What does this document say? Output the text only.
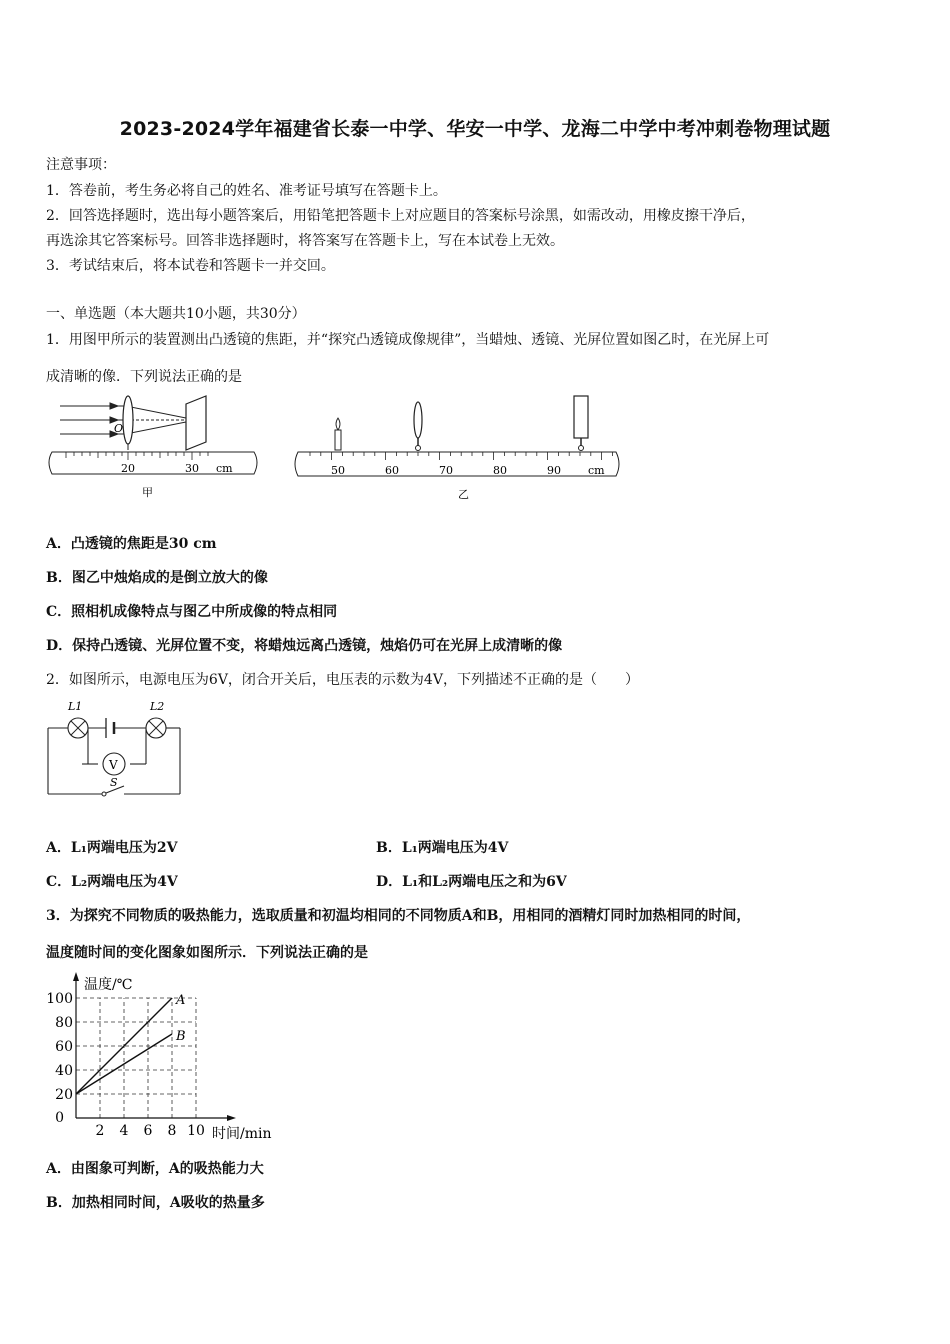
2023-2024学年福建省长泰一中学、华安一中学、龙海二中学中考冲刺卷物理试题
注意事项：
1．答卷前，考生务必将自己的姓名、准考证号填写在答题卡上。
2．回答选择题时，选出每小题答案后，用铅笔把答题卡上对应题目的答案标号涂黑，如需改动，用橡皮擦干净后，
再选涂其它答案标号。回答非选择题时，将答案写在答题卡上，写在本试卷上无效。
3．考试结束后，将本试卷和答题卡一并交回。
一、单选题（本大题共10小题，共30分）
1．用图甲所示的装置测出凸透镜的焦距，并“探究凸透镜成像规律”，当蜡烛、透镜、光屏位置如图乙时，在光屏上可
成清晰的像．下列说法正确的是
O
20	30 cm
甲
50	60	70	80	90 cm
乙
A．凸透镜的焦距是30 cm
B．图乙中烛焰成的是倒立放大的像
C．照相机成像特点与图乙中所成像的特点相同
D．保持凸透镜、光屏位置不变，将蜡烛远离凸透镜，烛焰仍可在光屏上成清晰的像
2．如图所示，电源电压为6V，闭合开关后，电压表的示数为4V，下列描述不正确的是（　　）
V
L1	L2
S
A．L₁两端电压为2V	B．L₁两端电压为4V
C．L₂两端电压为4V	D．L₁和L₂两端电压之和为6V
3．为探究不同物质的吸热能力，选取质量和初温均相同的不同物质A和B，用相同的酒精灯同时加热相同的时间，
温度随时间的变化图象如图所示．下列说法正确的是
A
B
2 4 6 8 10
20
40
60
80
100
0
温度/℃
时间/min
A．由图象可判断，A的吸热能力大
B．加热相同时间，A吸收的热量多
